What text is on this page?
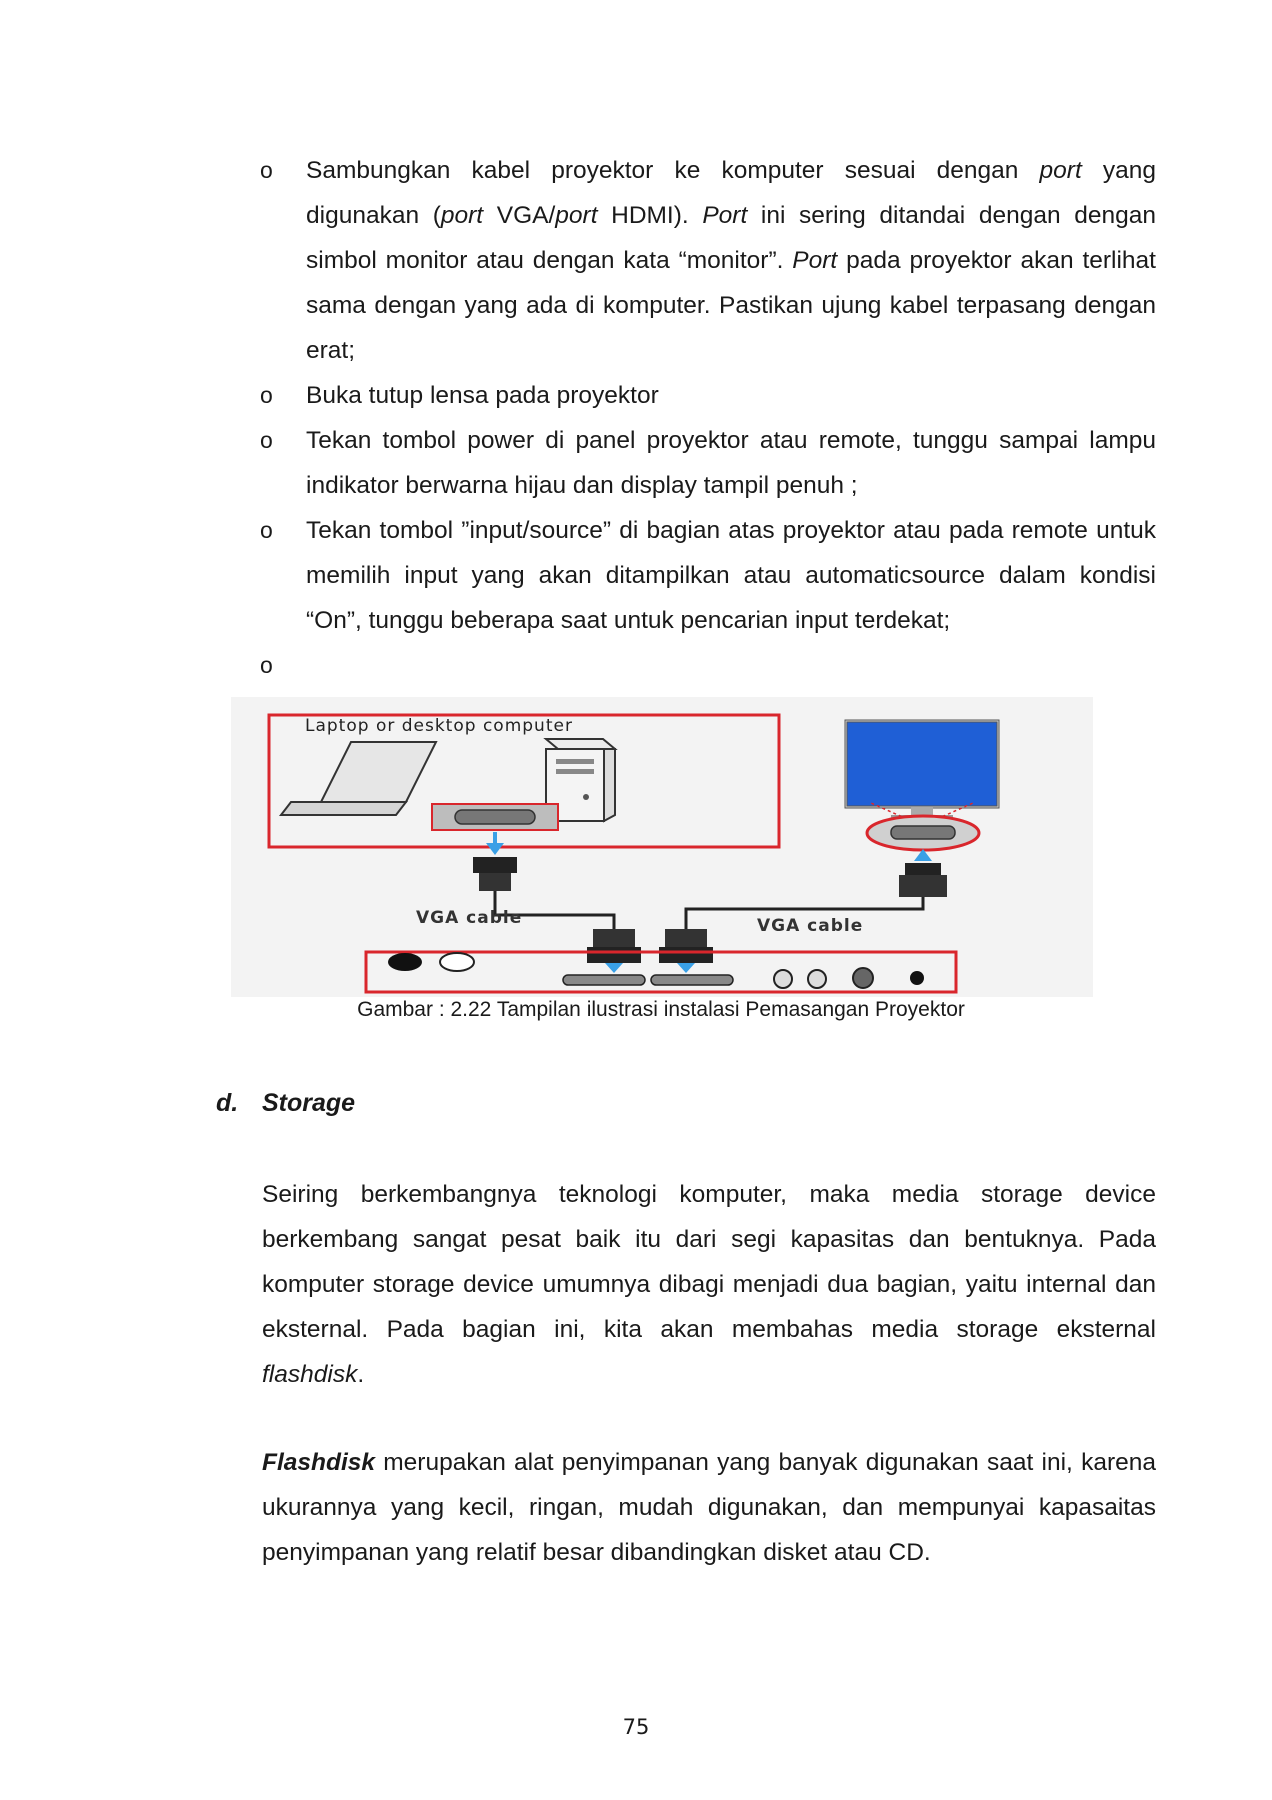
o Sambungkan kabel proyektor ke komputer sesuai dengan port yang digunakan (port VGA/port HDMI). Port ini sering ditandai dengan dengan simbol monitor atau dengan kata “monitor”. Port pada proyektor akan terlihat sama dengan yang ada di komputer. Pastikan ujung kabel terpasang dengan erat;
o Buka tutup lensa pada proyektor
o Tekan tombol power di panel proyektor atau remote, tunggu sampai lampu indikator berwarna hijau dan display tampil penuh ;
o Tekan tombol ”input/source” di bagian atas proyektor atau pada remote untuk memilih input yang akan ditampilkan atau automaticsource dalam kondisi “On”, tunggu beberapa saat untuk pencarian input terdekat;
o

Laptop or desktop computer
VGA cable	VGA cable
Gambar : 2.22 Tampilan ilustrasi instalasi Pemasangan Proyektor
d. Storage

Seiring berkembangnya teknologi komputer, maka media storage device berkembang sangat pesat baik itu dari segi kapasitas dan bentuknya. Pada komputer storage device umumnya dibagi menjadi dua bagian, yaitu internal dan eksternal. Pada bagian ini, kita akan membahas media storage eksternal flashdisk.

Flashdisk merupakan alat penyimpanan yang banyak digunakan saat ini, karena ukurannya yang kecil, ringan, mudah digunakan, dan mempunyai kapasaitas penyimpanan yang relatif besar dibandingkan disket atau CD.

75
